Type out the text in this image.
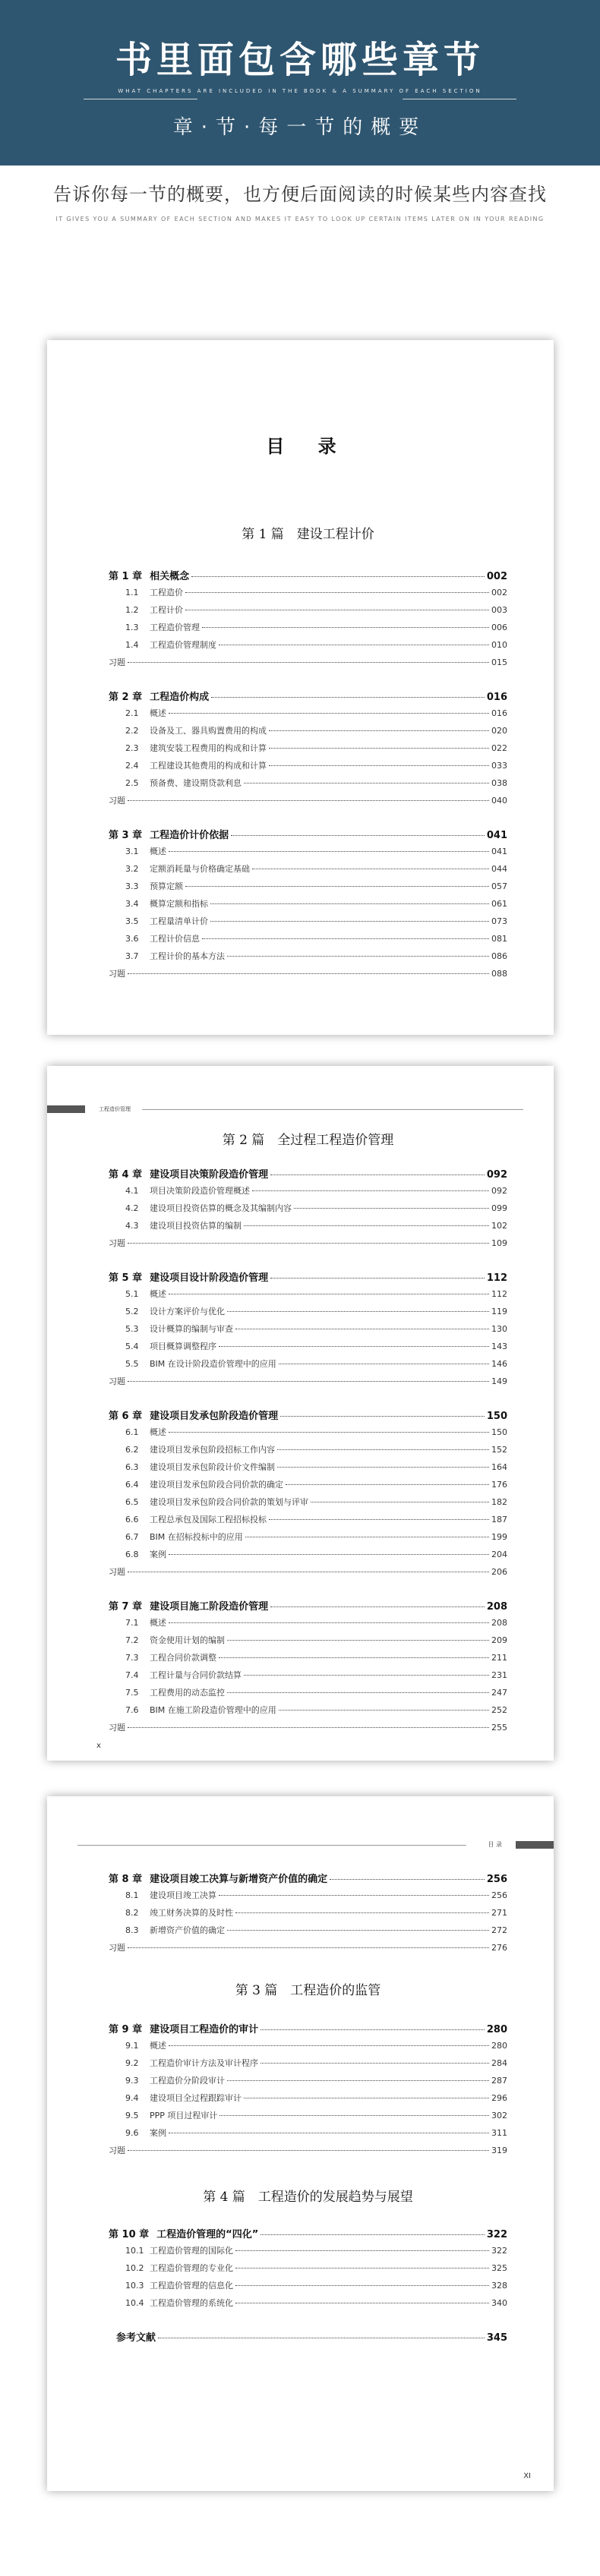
书里面包含哪些章节
WHAT CHAPTERS ARE INCLUDED IN THE BOOK & A SUMMARY OF EACH SECTION
章·节·每一节的概要
告诉你每一节的概要，也方便后面阅读的时候某些内容查找
IT GIVES YOU A SUMMARY OF EACH SECTION AND MAKES IT EASY TO LOOK UP CERTAIN ITEMS LATER ON IN YOUR READING
目 录
第 1 篇　建设工程计价
第 1 章 相关概念	002
1.1	工程造价	002
1.2	工程计价	003
1.3	工程造价管理	006
1.4	工程造价管理制度	010
习题	015
第 2 章 工程造价构成	016
2.1	概述	016
2.2	设备及工、器具购置费用的构成	020
2.3	建筑安装工程费用的构成和计算	022
2.4	工程建设其他费用的构成和计算	033
2.5	预备费、建设期贷款利息	038
习题	040
第 3 章 工程造价计价依据	041
3.1	概述	041
3.2	定额消耗量与价格确定基础	044
3.3	预算定额	057
3.4	概算定额和指标	061
3.5	工程量清单计价	073
3.6	工程计价信息	081
3.7	工程计价的基本方法	086
习题	088
工程造价管理
第 2 篇　全过程工程造价管理
第 4 章 建设项目决策阶段造价管理	092
4.1	项目决策阶段造价管理概述	092
4.2	建设项目投资估算的概念及其编制内容	099
4.3	建设项目投资估算的编制	102
习题	109
第 5 章 建设项目设计阶段造价管理	112
5.1	概述	112
5.2	设计方案评价与优化	119
5.3	设计概算的编制与审查	130
5.4	项目概算调整程序	143
5.5	BIM 在设计阶段造价管理中的应用	146
习题	149
第 6 章 建设项目发承包阶段造价管理	150
6.1	概述	150
6.2	建设项目发承包阶段招标工作内容	152
6.3	建设项目发承包阶段计价文件编制	164
6.4	建设项目发承包阶段合同价款的确定	176
6.5	建设项目发承包阶段合同价款的策划与评审	182
6.6	工程总承包及国际工程招标投标	187
6.7	BIM 在招标投标中的应用	199
6.8	案例	204
习题	206
第 7 章 建设项目施工阶段造价管理	208
7.1	概述	208
7.2	资金使用计划的编制	209
7.3	工程合同价款调整	211
7.4	工程计量与合同价款结算	231
7.5	工程费用的动态监控	247
7.6	BIM 在施工阶段造价管理中的应用	252
习题	255
x
目 录
第 8 章 建设项目竣工决算与新增资产价值的确定	256
8.1	建设项目竣工决算	256
8.2	竣工财务决算的及时性	271
8.3	新增资产价值的确定	272
习题	276
第 3 篇　工程造价的监管
第 9 章 建设项目工程造价的审计	280
9.1	概述	280
9.2	工程造价审计方法及审计程序	284
9.3	工程造价分阶段审计	287
9.4	建设项目全过程跟踪审计	296
9.5	PPP 项目过程审计	302
9.6	案例	311
习题	319
第 4 篇　工程造价的发展趋势与展望
第 10 章 工程造价管理的“四化”	322
10.1 工程造价管理的国际化	322
10.2 工程造价管理的专业化	325
10.3 工程造价管理的信息化	328
10.4 工程造价管理的系统化	340
参考文献	345
XI
